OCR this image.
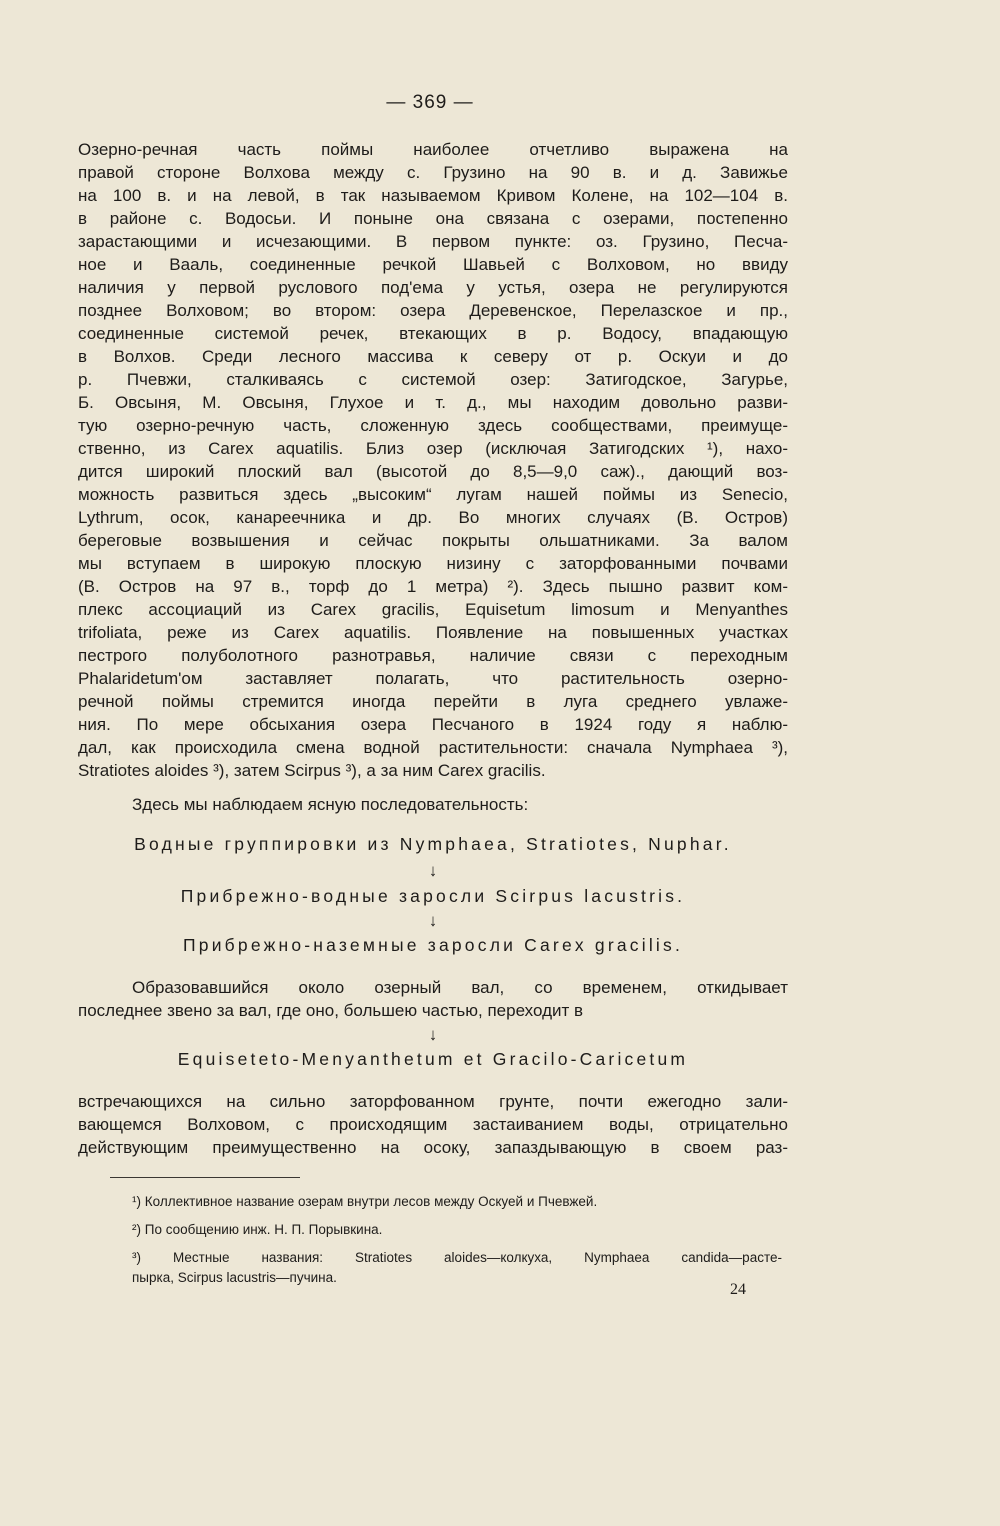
— 369 —

Озерно-речная часть поймы наиболее отчетливо выражена на

правой стороне Волхова между с. Грузино на 90 в. и д. Завижье

на 100 в. и на левой, в так называемом Кривом Колене, на 102—104 в.

в районе с. Водосьи. И поныне она связана с озерами, постепенно

зарастающими и исчезающими. В первом пункте: оз. Грузино, Песча-

ное и Вааль, соединенные речкой Шавьей с Волховом, но ввиду

наличия у первой руслового под'ема у устья, озера не регулируются

позднее Волховом; во втором: озера Деревенское, Перелазское и пр.,

соединенные системой речек, втекающих в р. Водосу, впадающую

в Волхов. Среди лесного массива к северу от р. Оскуи и до

р. Пчевжи, сталкиваясь с системой озер: Затигодское, Загурье,

Б. Овсыня, М. Овсыня, Глухое и т. д., мы находим довольно разви-

тую озерно-речную часть, сложенную здесь сообществами, преимуще-

ственно, из Carex aquatilis. Близ озер (исключая Затигодских ¹), нахо-

дится широкий плоский вал (высотой до 8,5—9,0 саж)., дающий воз-

можность развиться здесь „высоким“ лугам нашей поймы из Senecio,

Lythrum, осок, канареечника и др. Во многих случаях (В. Остров)

береговые возвышения и сейчас покрыты ольшатниками. За валом

мы вступаем в широкую плоскую низину с заторфованными почвами

(В. Остров на 97 в., торф до 1 метра) ²). Здесь пышно развит ком-

плекс ассоциаций из Carex gracilis, Equisetum limosum и Menyanthes

trifoliata, реже из Carex aquatilis. Появление на повышенных участках

пестрого полуболотного разнотравья, наличие связи с переходным

Phalaridetum'ом заставляет полагать, что растительность озерно-

речной поймы стремится иногда перейти в луга среднего увлаже-

ния. По мере обсыхания озера Песчаного в 1924 году я наблю-

дал, как происходила смена водной растительности: сначала Nymphaea ³),

Stratiotes aloides ³), затем Scirpus ³), а за ним Carex gracilis.

Здесь мы наблюдаем ясную последовательность:

Водные группировки из Nymphaea, Stratiotes, Nuphar.
↓
Прибрежно-водные заросли Scirpus lacustris.
↓
Прибрежно-наземные заросли Carex gracilis.

Образовавшийся около озерный вал, со временем, откидывает

последнее звено за вал, где оно, большею частью, переходит в

↓
Equiseteto-Menyanthetum et Gracilo-Caricetum

встречающихся на сильно заторфованном грунте, почти ежегодно зали-

вающемся Волховом, с происходящим застаиванием воды, отрицательно

действующим преимущественно на осоку, запаздывающую в своем раз-

¹) Коллективное название озерам внутри лесов между Оскуей и Пчевжей.
²) По сообщению инж. Н. П. Порывкина.
³) Местные названия: Stratiotes aloides—колкуха, Nymphaea candida—расте-
пырка, Scirpus lacustris—пучина.
24
